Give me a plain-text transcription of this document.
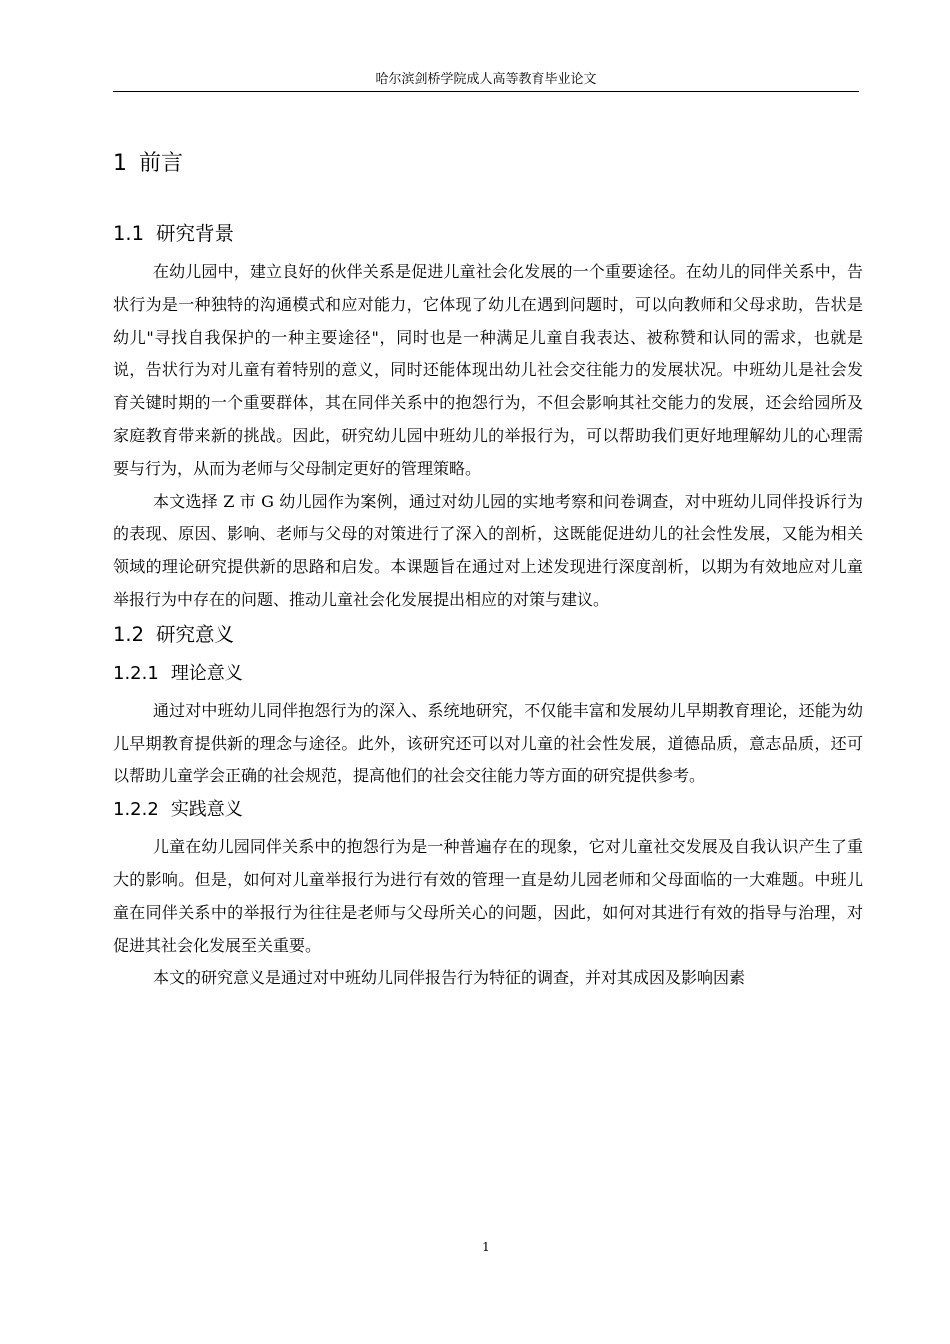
哈尔滨剑桥学院成人高等教育毕业论文
1 前言
1.1 研究背景

在幼儿园中，建立良好的伙伴关系是促进儿童社会化发展的一个重要途径。在幼儿的同伴关系中，告状行为是一种独特的沟通模式和应对能力，它体现了幼儿在遇到问题时，可以向教师和父母求助，告状是幼儿"寻找自我保护的一种主要途径"，同时也是一种满足儿童自我表达、被称赞和认同的需求，也就是说，告状行为对儿童有着特别的意义，同时还能体现出幼儿社会交往能力的发展状况。中班幼儿是社会发育关键时期的一个重要群体，其在同伴关系中的抱怨行为，不但会影响其社交能力的发展，还会给园所及家庭教育带来新的挑战。因此，研究幼儿园中班幼儿的举报行为，可以帮助我们更好地理解幼儿的心理需要与行为，从而为老师与父母制定更好的管理策略。

本文选择 Z 市 G 幼儿园作为案例，通过对幼儿园的实地考察和问卷调查，对中班幼儿同伴投诉行为的表现、原因、影响、老师与父母的对策进行了深入的剖析，这既能促进幼儿的社会性发展，又能为相关领域的理论研究提供新的思路和启发。本课题旨在通过对上述发现进行深度剖析，以期为有效地应对儿童举报行为中存在的问题、推动儿童社会化发展提出相应的对策与建议。

1.2 研究意义
1.2.1 理论意义

通过对中班幼儿同伴抱怨行为的深入、系统地研究，不仅能丰富和发展幼儿早期教育理论，还能为幼儿早期教育提供新的理念与途径。此外，该研究还可以对儿童的社会性发展，道德品质，意志品质，还可以帮助儿童学会正确的社会规范，提高他们的社会交往能力等方面的研究提供参考。

1.2.2 实践意义

儿童在幼儿园同伴关系中的抱怨行为是一种普遍存在的现象，它对儿童社交发展及自我认识产生了重大的影响。但是，如何对儿童举报行为进行有效的管理一直是幼儿园老师和父母面临的一大难题。中班儿童在同伴关系中的举报行为往往是老师与父母所关心的问题，因此，如何对其进行有效的指导与治理，对促进其社会化发展至关重要。

本文的研究意义是通过对中班幼儿同伴报告行为特征的调查，并对其成因及影响因素

1
